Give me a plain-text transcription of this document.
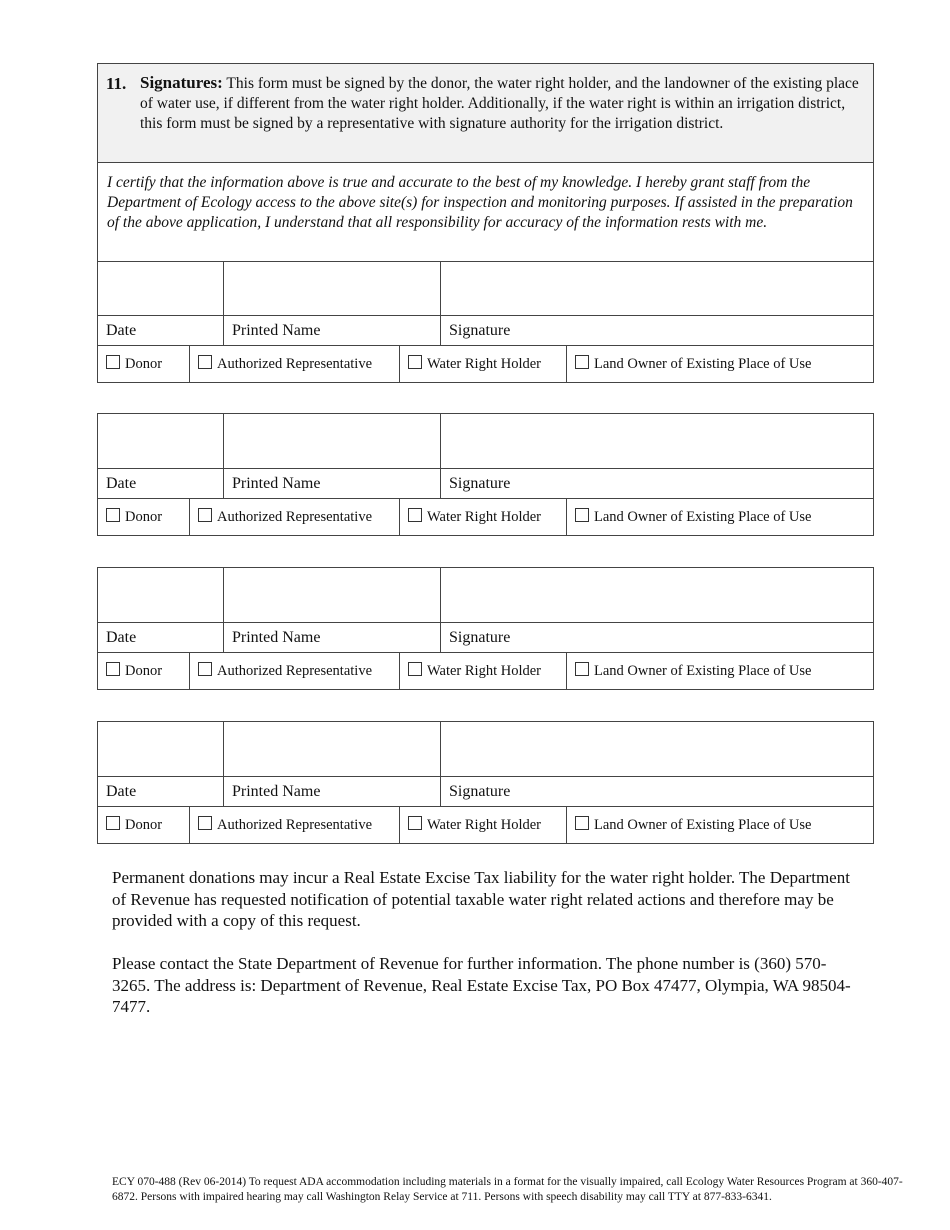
11. Signatures: This form must be signed by the donor, the water right holder, and the landowner of the existing place of water use, if different from the water right holder. Additionally, if the water right is within an irrigation district, this form must be signed by a representative with signature authority for the irrigation district.
I certify that the information above is true and accurate to the best of my knowledge. I hereby grant staff from the Department of Ecology access to the above site(s) for inspection and monitoring purposes. If assisted in the preparation of the above application, I understand that all responsibility for accuracy of the information rests with me.
Date	Printed Name	Signature
Donor	Authorized Representative	Water Right Holder	Land Owner of Existing Place of Use
Date	Printed Name	Signature
Donor	Authorized Representative	Water Right Holder	Land Owner of Existing Place of Use
Date	Printed Name	Signature
Donor	Authorized Representative	Water Right Holder	Land Owner of Existing Place of Use
Date	Printed Name	Signature
Donor	Authorized Representative	Water Right Holder	Land Owner of Existing Place of Use
Permanent donations may incur a Real Estate Excise Tax liability for the water right holder. The Department of Revenue has requested notification of potential taxable water right related actions and therefore may be provided with a copy of this request.
Please contact the State Department of Revenue for further information. The phone number is (360) 570-3265. The address is: Department of Revenue, Real Estate Excise Tax, PO Box 47477, Olympia, WA 98504-7477.
ECY 070-488 (Rev 06-2014) To request ADA accommodation including materials in a format for the visually impaired, call Ecology Water Resources Program at 360-407-6872. Persons with impaired hearing may call Washington Relay Service at 711. Persons with speech disability may call TTY at 877-833-6341.
